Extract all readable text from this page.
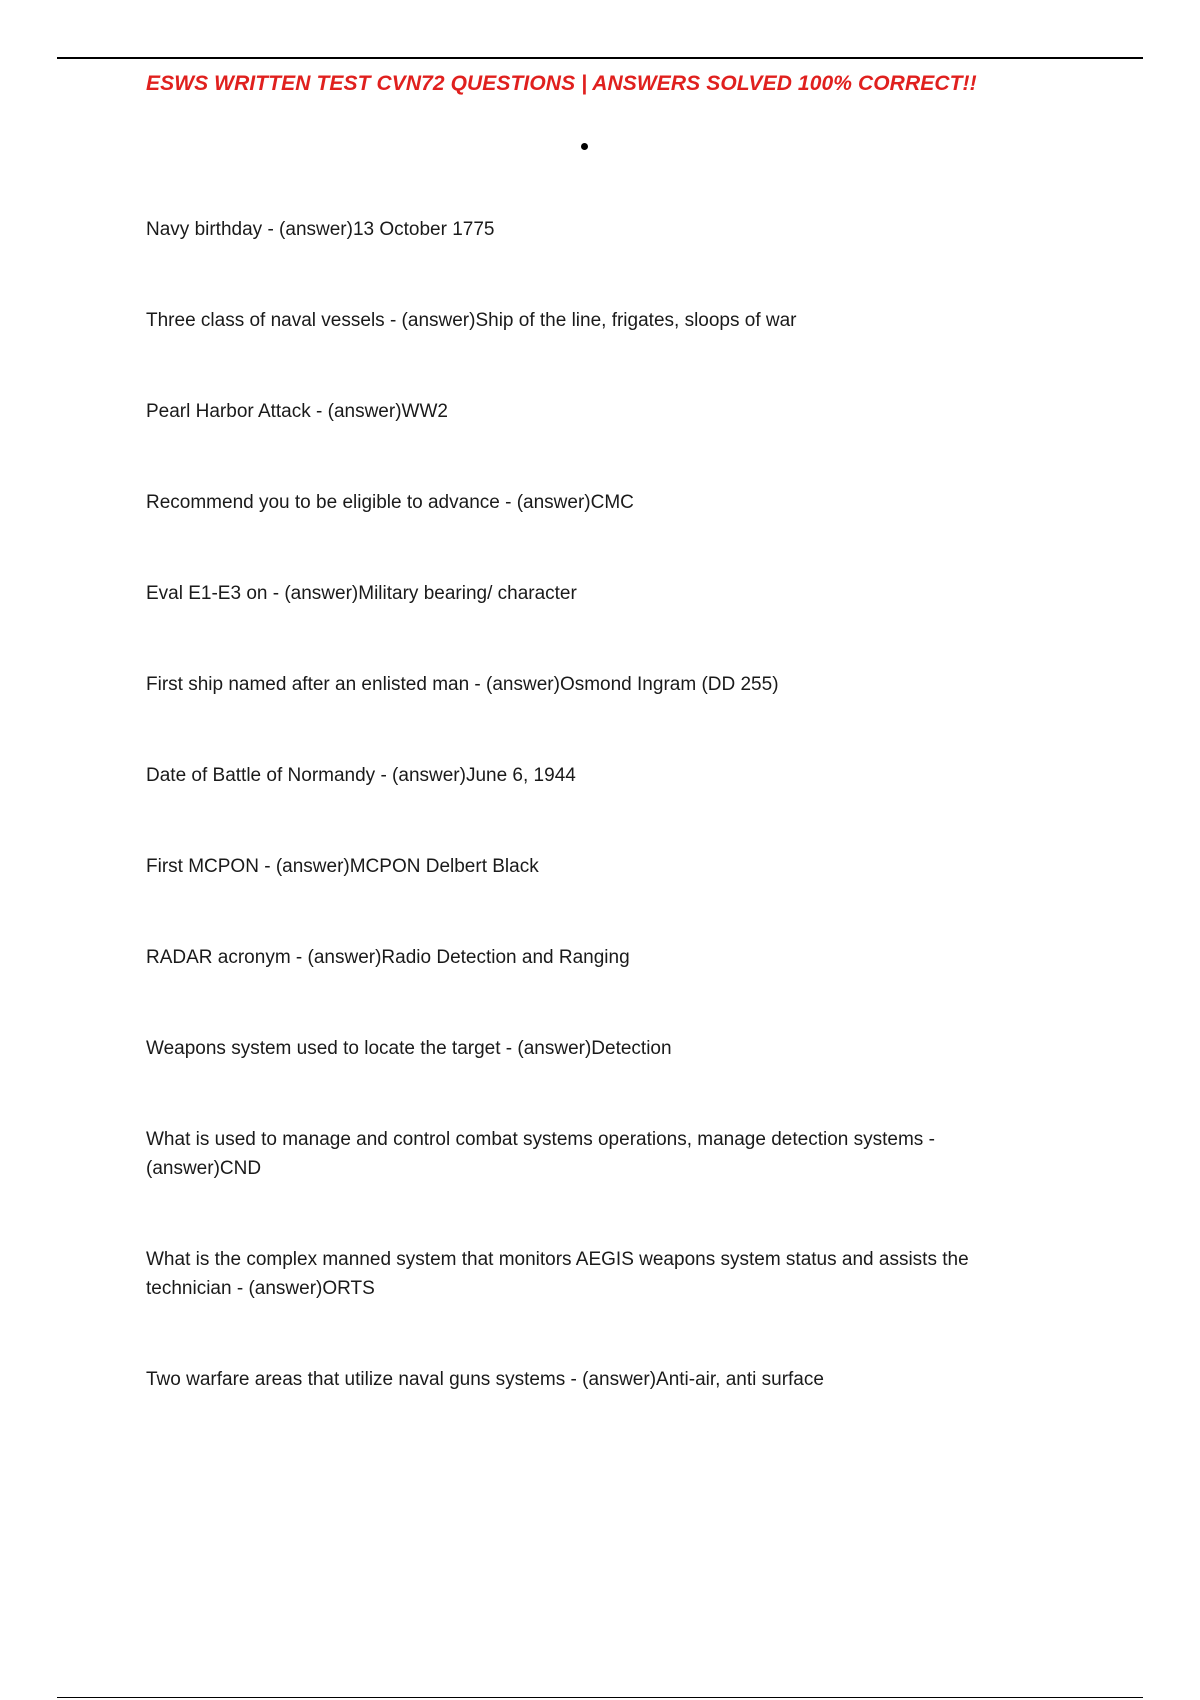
ESWS WRITTEN TEST CVN72 QUESTIONS | ANSWERS SOLVED 100% CORRECT!!
Navy birthday - (answer)13 October 1775
Three class of naval vessels - (answer)Ship of the line, frigates, sloops of war
Pearl Harbor Attack - (answer)WW2
Recommend you to be eligible to advance - (answer)CMC
Eval E1-E3 on - (answer)Military bearing/ character
First ship named after an enlisted man - (answer)Osmond Ingram (DD 255)
Date of Battle of Normandy - (answer)June 6, 1944
First MCPON - (answer)MCPON Delbert Black
RADAR acronym - (answer)Radio Detection and Ranging
Weapons system used to locate the target - (answer)Detection
What is used to manage and control combat systems operations, manage detection systems - (answer)CND
What is the complex manned system that monitors AEGIS weapons system status and assists the technician - (answer)ORTS
Two warfare areas that utilize naval guns systems - (answer)Anti-air, anti surface
